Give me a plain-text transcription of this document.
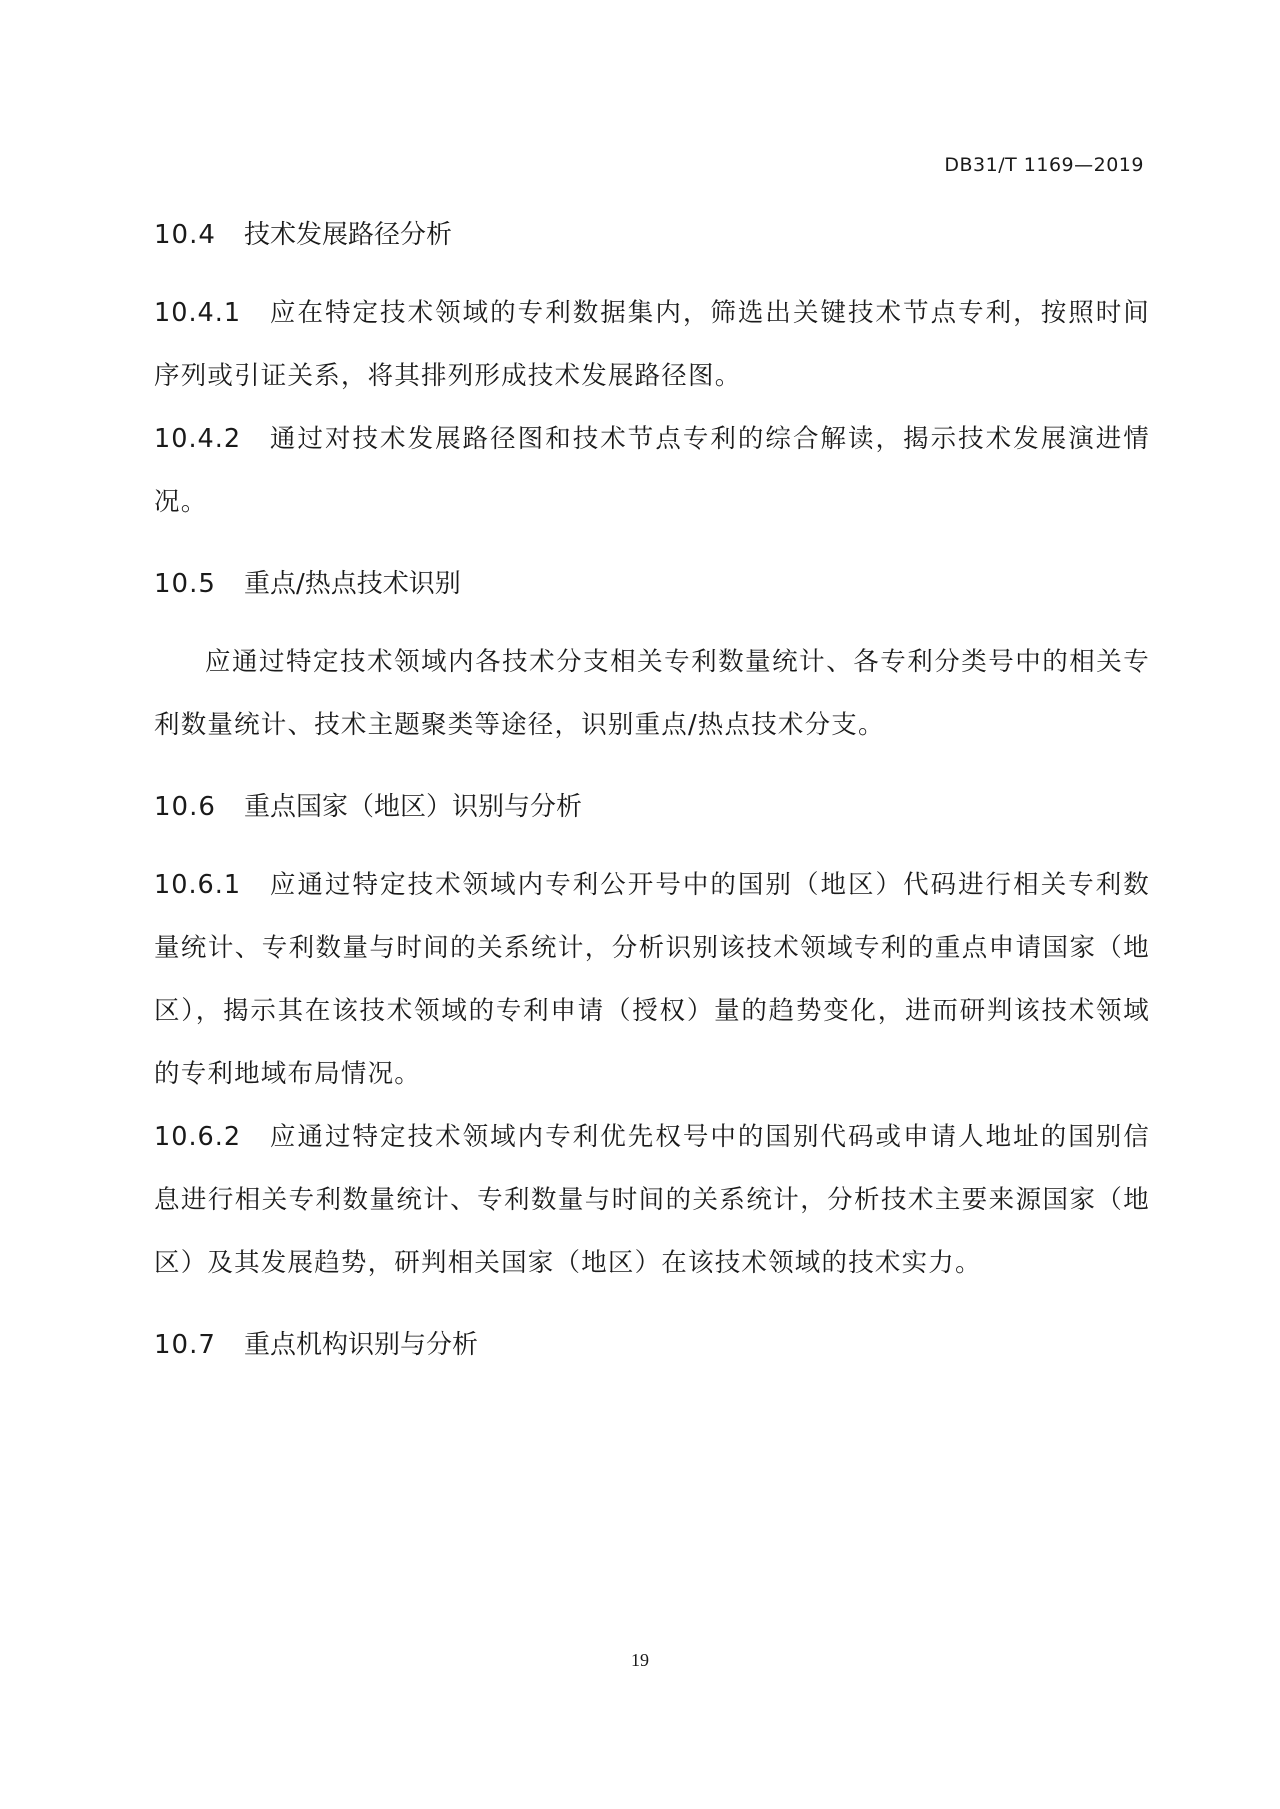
DB31/T 1169—2019
10.4	技术发展路径分析

10.4.1 应在特定技术领域的专利数据集内，筛选出关键技术节点专利，按照时间序列或引证关系，将其排列形成技术发展路径图。

10.4.2 通过对技术发展路径图和技术节点专利的综合解读，揭示技术发展演进情况。

10.5	重点/热点技术识别

应通过特定技术领域内各技术分支相关专利数量统计、各专利分类号中的相关专利数量统计、技术主题聚类等途径，识别重点/热点技术分支。

10.6	重点国家（地区）识别与分析

10.6.1 应通过特定技术领域内专利公开号中的国别（地区）代码进行相关专利数量统计、专利数量与时间的关系统计，分析识别该技术领域专利的重点申请国家（地区），揭示其在该技术领域的专利申请（授权）量的趋势变化，进而研判该技术领域的专利地域布局情况。

10.6.2 应通过特定技术领域内专利优先权号中的国别代码或申请人地址的国别信息进行相关专利数量统计、专利数量与时间的关系统计，分析技术主要来源国家（地区）及其发展趋势，研判相关国家（地区）在该技术领域的技术实力。

10.7	重点机构识别与分析
19
